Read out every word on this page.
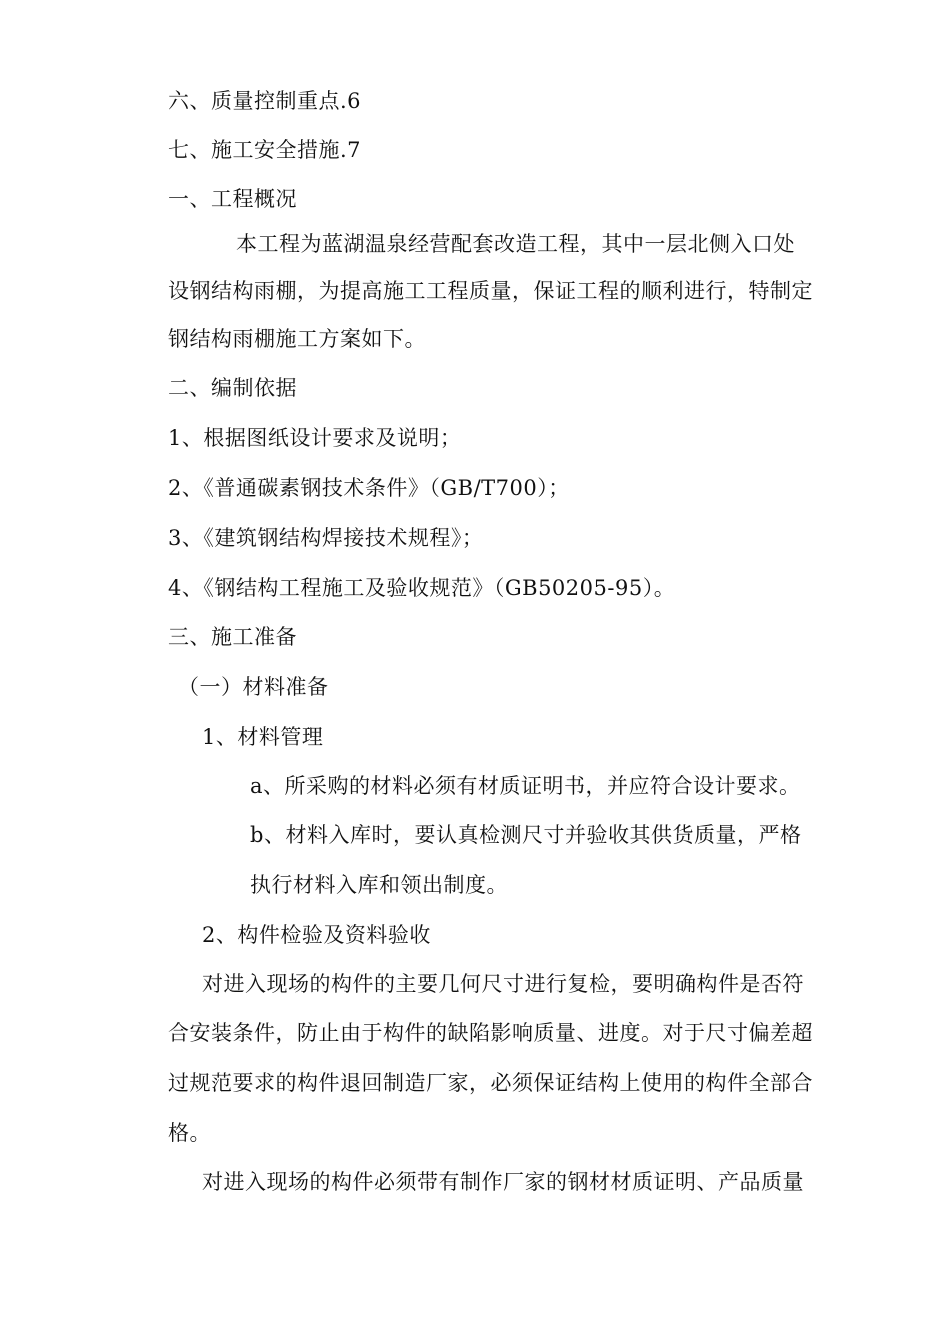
六、质量控制重点.6
七、施工安全措施.7
一、工程概况
本工程为蓝湖温泉经营配套改造工程，其中一层北侧入口处
设钢结构雨棚，为提高施工工程质量，保证工程的顺利进行，特制定
钢结构雨棚施工方案如下。
二、编制依据
1、根据图纸设计要求及说明；
2、《普通碳素钢技术条件》（GB/T700）；
3、《建筑钢结构焊接技术规程》；
4、《钢结构工程施工及验收规范》（GB50205-95）。
三、施工准备
（一）材料准备
1、材料管理
a、所采购的材料必须有材质证明书，并应符合设计要求。
b、材料入库时，要认真检测尺寸并验收其供货质量，严格
执行材料入库和领出制度。
2、构件检验及资料验收
对进入现场的构件的主要几何尺寸进行复检，要明确构件是否符
合安装条件，防止由于构件的缺陷影响质量、进度。对于尺寸偏差超
过规范要求的构件退回制造厂家，必须保证结构上使用的构件全部合
格。
对进入现场的构件必须带有制作厂家的钢材材质证明、产品质量
